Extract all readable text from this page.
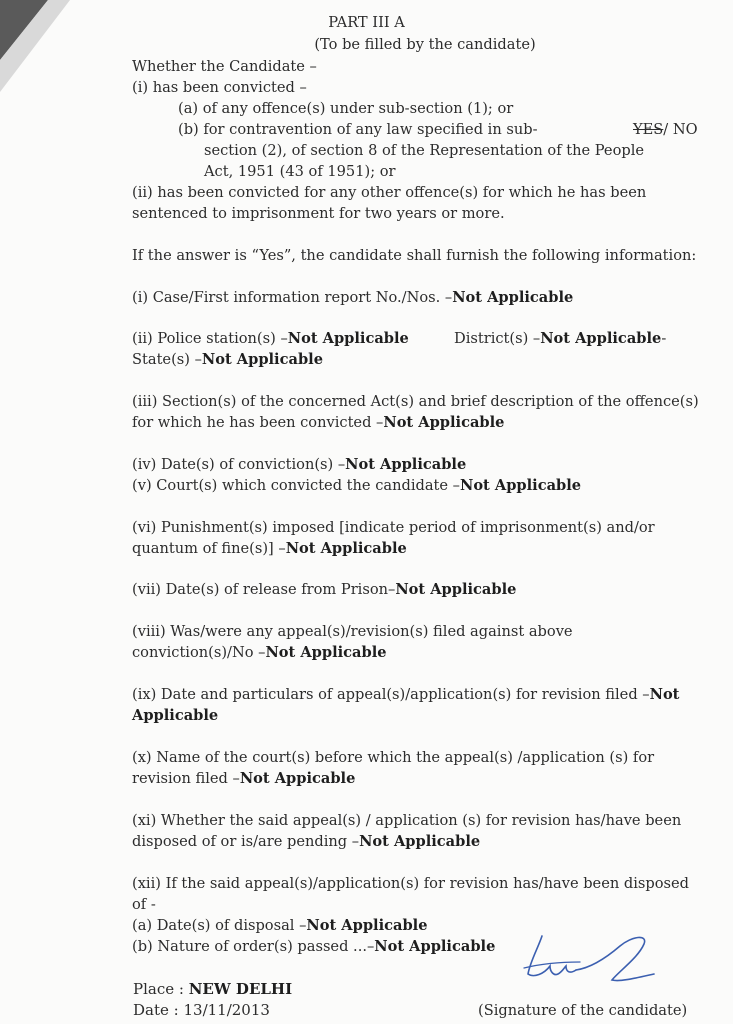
PART III A
(To be filled by the candidate)
Whether the Candidate –
(i) has been convicted –
(a) of any offence(s) under sub-section (1); or
(b) for contravention of any law specified in sub-	YES/ NO
section (2), of section 8 of the Representation of the People
Act, 1951 (43 of 1951); or
(ii) has been convicted for any other offence(s) for which he has been
sentenced to imprisonment for two years or more.
If the answer is “Yes”, the candidate shall furnish the following information:
(i) Case/First information report No./Nos. –Not Applicable
(ii) Police station(s) –Not Applicable	District(s) –Not Applicable-
State(s) –Not Applicable
(iii) Section(s) of the concerned Act(s) and brief description of the offence(s)
for which he has been convicted –Not Applicable
(iv) Date(s) of conviction(s) –Not Applicable
(v) Court(s) which convicted the candidate –Not Applicable
(vi) Punishment(s) imposed [indicate period of imprisonment(s) and/or
quantum of fine(s)] –Not Applicable
(vii) Date(s) of release from Prison–Not Applicable
(viii) Was/were any appeal(s)/revision(s) filed against above
conviction(s)/No –Not Applicable
(ix) Date and particulars of appeal(s)/application(s) for revision filed –Not
Applicable
(x) Name of the court(s) before which the appeal(s) /application (s) for
revision filed –Not Appicable
(xi) Whether the said appeal(s) / application (s) for revision has/have been
disposed of or is/are pending –Not Applicable
(xii) If the said appeal(s)/application(s) for revision has/have been disposed
of -
(a) Date(s) of disposal –Not Applicable
(b) Nature of order(s) passed ...–Not Applicable
Place : NEW DELHI
Date : 13/11/2013	(Signature of the candidate)
